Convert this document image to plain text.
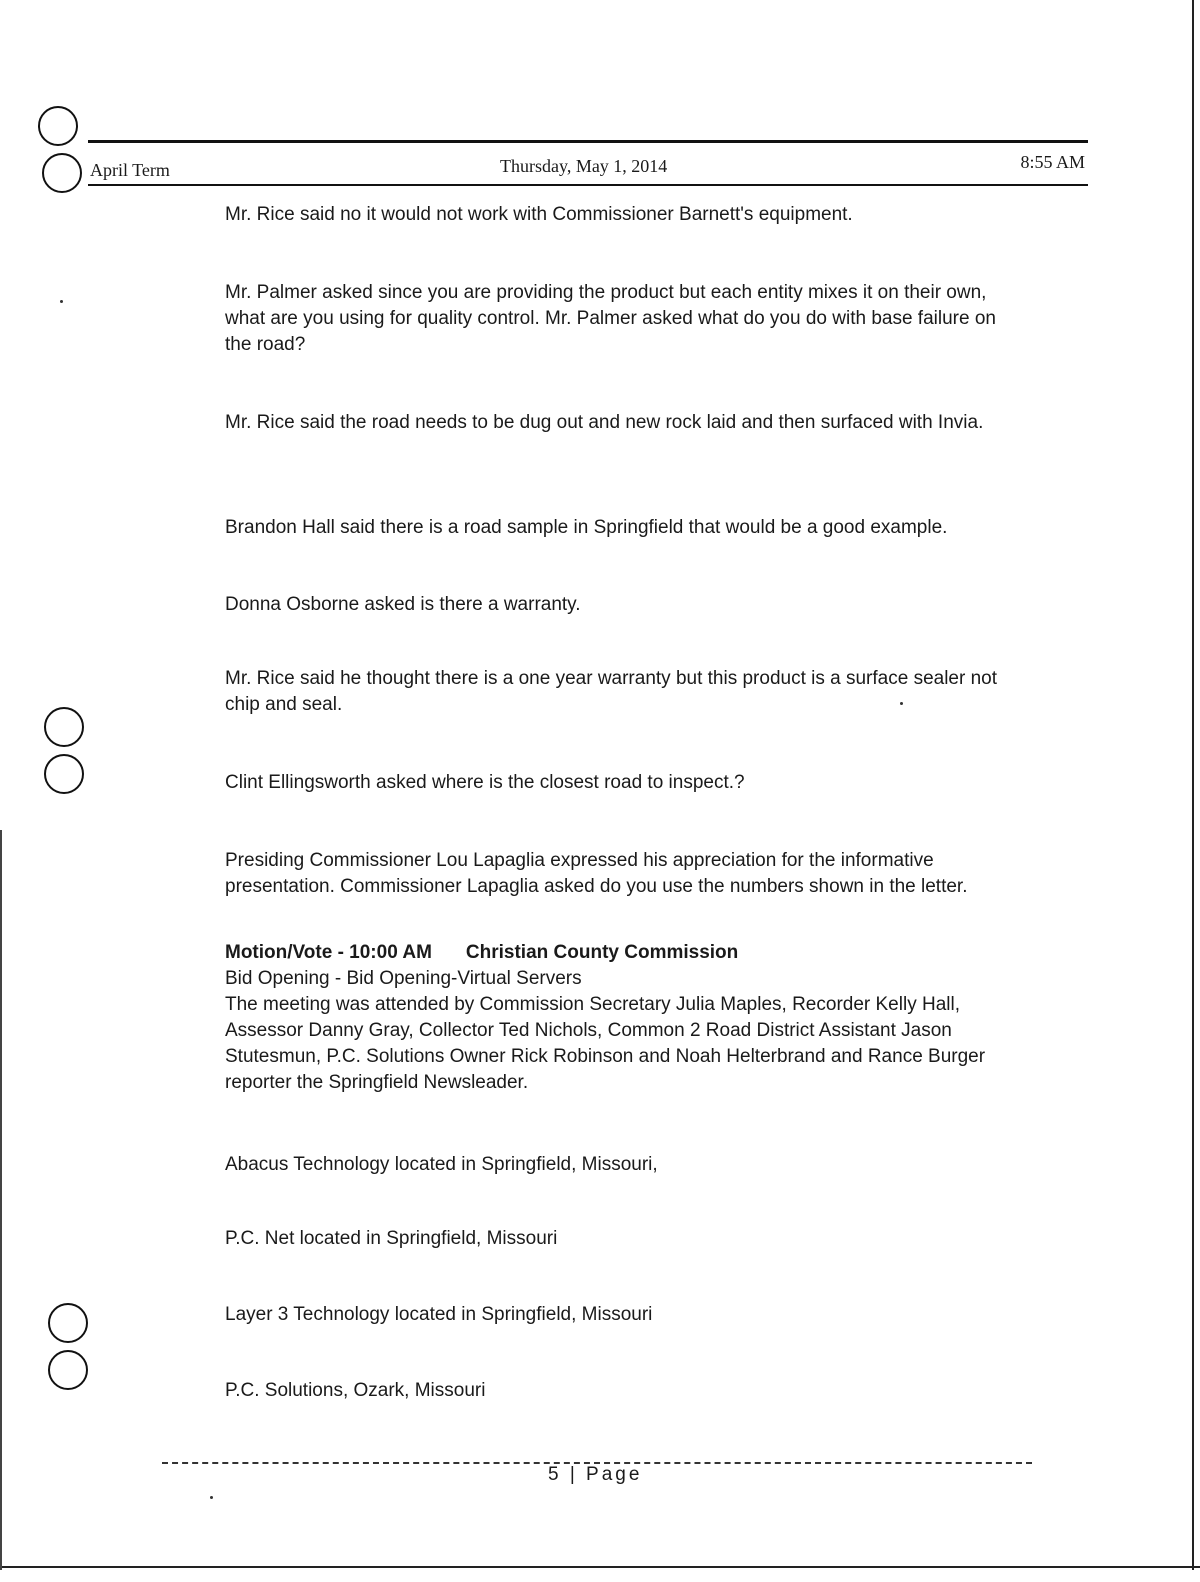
April Term	Thursday, May 1, 2014	8:55 AM
Mr. Rice said no it would not work with Commissioner Barnett's equipment.
Mr. Palmer asked since you are providing the product but each entity mixes it on their own, what are you using for quality control. Mr. Palmer asked what do you do with base failure on the road?
Mr. Rice said the road needs to be dug out and new rock laid and then surfaced with Invia.
Brandon Hall said there is a road sample in Springfield that would be a good example.
Donna Osborne asked is there a warranty.
Mr. Rice said he thought there is a one year warranty but this product is a surface sealer not chip and seal.
Clint Ellingsworth asked where is the closest road to inspect.?
Presiding Commissioner Lou Lapaglia expressed his appreciation for the informative presentation. Commissioner Lapaglia asked do you use the numbers shown in the letter.
Motion/Vote - 10:00 AM Christian County Commission
Bid Opening - Bid Opening-Virtual Servers
The meeting was attended by Commission Secretary Julia Maples, Recorder Kelly Hall, Assessor Danny Gray, Collector Ted Nichols, Common 2 Road District Assistant Jason Stutesmun, P.C. Solutions Owner Rick Robinson and Noah Helterbrand and Rance Burger reporter the Springfield Newsleader.
Abacus Technology located in Springfield, Missouri,
P.C. Net located in Springfield, Missouri
Layer 3 Technology located in Springfield, Missouri
P.C. Solutions, Ozark, Missouri
5 | Page
